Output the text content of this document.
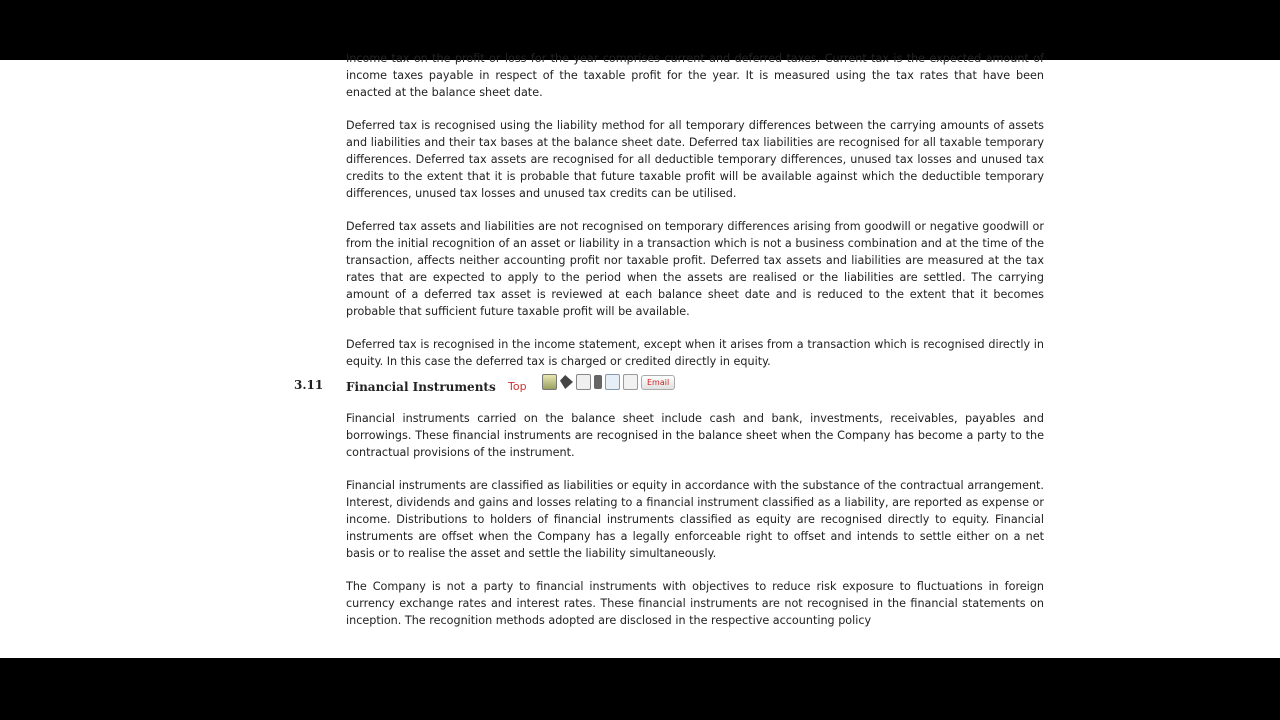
Income tax on the profit or loss for the year comprises current and deferred taxes. Current tax is the expected amount of income taxes payable in respect of the taxable profit for the year. It is measured using the tax rates that have been enacted at the balance sheet date.

Deferred tax is recognised using the liability method for all temporary differences between the carrying amounts of assets and liabilities and their tax bases at the balance sheet date. Deferred tax liabilities are recognised for all taxable temporary differences. Deferred tax assets are recognised for all deductible temporary differences, unused tax losses and unused tax credits to the extent that it is probable that future taxable profit will be available against which the deductible temporary differences, unused tax losses and unused tax credits can be utilised.

Deferred tax assets and liabilities are not recognised on temporary differences arising from goodwill or negative goodwill or from the initial recognition of an asset or liability in a transaction which is not a business combination and at the time of the transaction, affects neither accounting profit nor taxable profit. Deferred tax assets and liabilities are measured at the tax rates that are expected to apply to the period when the assets are realised or the liabilities are settled. The carrying amount of a deferred tax asset is reviewed at each balance sheet date and is reduced to the extent that it becomes probable that sufficient future taxable profit will be available.

Deferred tax is recognised in the income statement, except when it arises from a transaction which is recognised directly in equity. In this case the deferred tax is charged or credited directly in equity.

3.11 Financial Instruments Top	Email

Financial instruments carried on the balance sheet include cash and bank, investments, receivables, payables and borrowings. These financial instruments are recognised in the balance sheet when the Company has become a party to the contractual provisions of the instrument.

Financial instruments are classified as liabilities or equity in accordance with the substance of the contractual arrangement. Interest, dividends and gains and losses relating to a financial instrument classified as a liability, are reported as expense or income. Distributions to holders of financial instruments classified as equity are recognised directly to equity. Financial instruments are offset when the Company has a legally enforceable right to offset and intends to settle either on a net basis or to realise the asset and settle the liability simultaneously.

The Company is not a party to financial instruments with objectives to reduce risk exposure to fluctuations in foreign currency exchange rates and interest rates. These financial instruments are not recognised in the financial statements on inception. The recognition methods adopted are disclosed in the respective accounting policy
